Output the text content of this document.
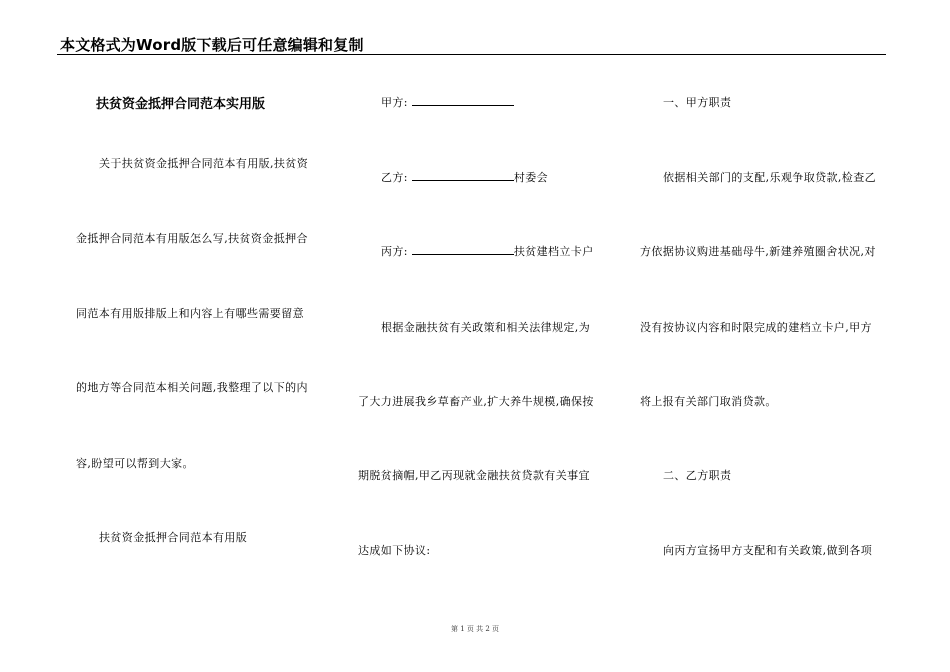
本文格式为Word版下载后可任意编辑和复制
扶贫资金抵押合同范本实用版
关于扶贫资金抵押合同范本有用版,扶贫资
金抵押合同范本有用版怎么写,扶贫资金抵押合
同范本有用版排版上和内容上有哪些需要留意
的地方等合同范本相关问题,我整理了以下的内
容,盼望可以帮到大家。
扶贫资金抵押合同范本有用版
甲方:
乙方:	村委会
丙方:	扶贫建档立卡户
根据金融扶贫有关政策和相关法律规定,为
了大力进展我乡草畜产业,扩大养牛规模,确保按
期脱贫摘帽,甲乙丙现就金融扶贫贷款有关事宜
达成如下协议:
一、甲方职责
依据相关部门的支配,乐观争取贷款,检查乙
方依据协议购进基础母牛,新建养殖圈舍状况,对
没有按协议内容和时限完成的建档立卡户,甲方
将上报有关部门取消贷款。
二、乙方职责
向丙方宣扬甲方支配和有关政策,做到各项
第 1 页 共 2 页
